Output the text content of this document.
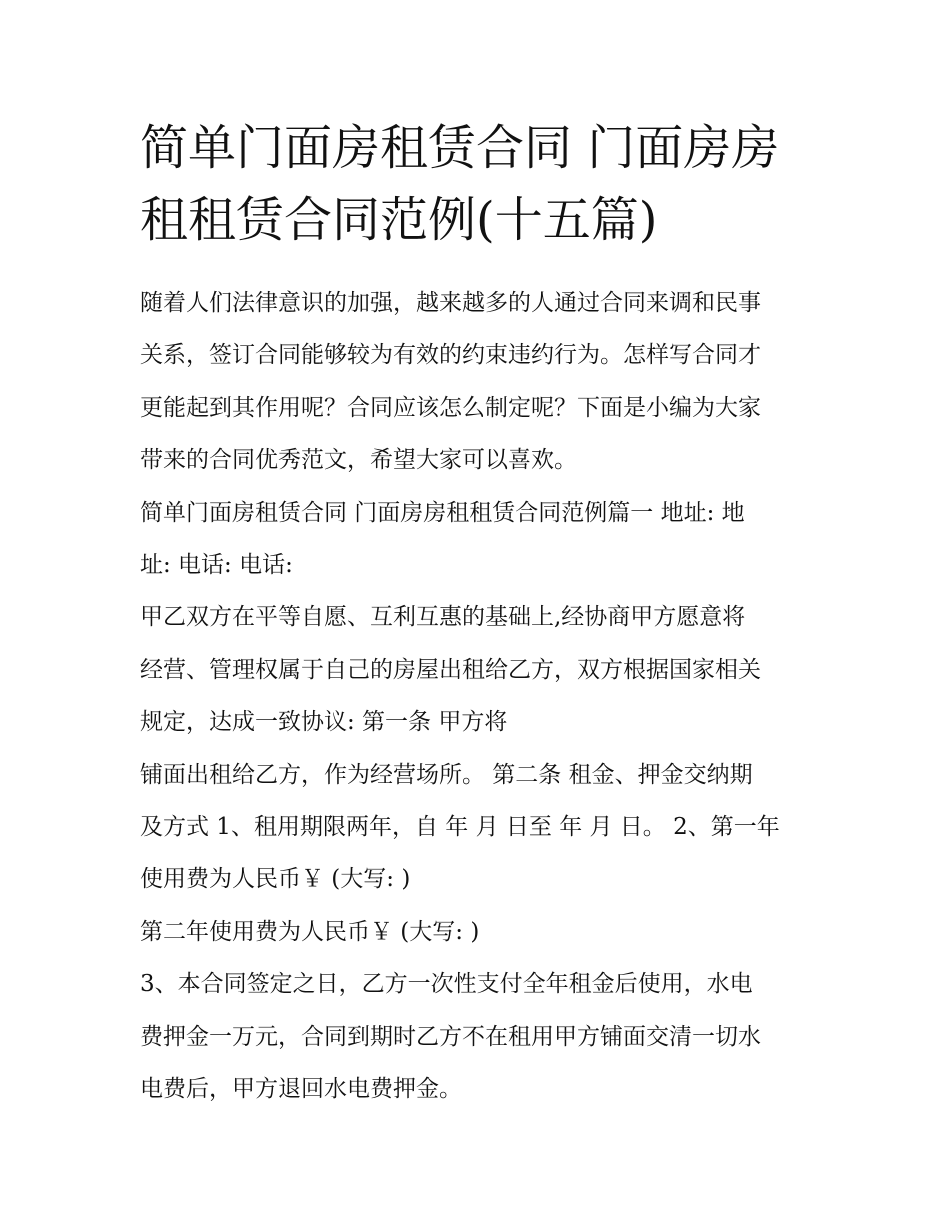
简单门面房租赁合同 门面房房
租租赁合同范例(十五篇)

随着人们法律意识的加强，越来越多的人通过合同来调和民事
关系，签订合同能够较为有效的约束违约行为。怎样写合同才
更能起到其作用呢？合同应该怎么制定呢？下面是小编为大家
带来的合同优秀范文，希望大家可以喜欢。

简单门面房租赁合同 门面房房租租赁合同范例篇一 地址: 地
址: 电话: 电话:

甲乙双方在平等自愿、互利互惠的基础上,经协商甲方愿意将
经营、管理权属于自己的房屋出租给乙方，双方根据国家相关
规定，达成一致协议: 第一条 甲方将

铺面出租给乙方，作为经营场所。 第二条 租金、押金交纳期
及方式 1、租用期限两年，自 年 月 日至 年 月 日。 2、第一年
使用费为人民币￥ (大写: )

第二年使用费为人民币￥ (大写: )

3、本合同签定之日，乙方一次性支付全年租金后使用，水电
费押金一万元，合同到期时乙方不在租用甲方铺面交清一切水
电费后，甲方退回水电费押金。
